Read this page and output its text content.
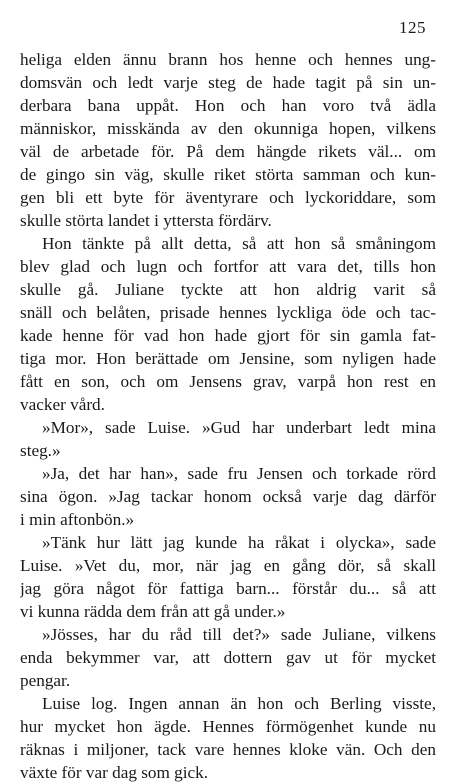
125
heliga elden ännu brann hos henne och hennes ung-
domsvän och ledt varje steg de hade tagit på sin un-
derbara bana uppåt. Hon och han voro två ädla
människor, misskända av den okunniga hopen, vilkens
väl de arbetade för. På dem hängde rikets väl... om
de gingo sin väg, skulle riket störta samman och kun-
gen bli ett byte för äventyrare och lyckoriddare, som
skulle störta landet i yttersta fördärv.
Hon tänkte på allt detta, så att hon så småningom
blev glad och lugn och fortfor att vara det, tills hon
skulle gå. Juliane tyckte att hon aldrig varit så
snäll och belåten, prisade hennes lyckliga öde och tac-
kade henne för vad hon hade gjort för sin gamla fat-
tiga mor. Hon berättade om Jensine, som nyligen hade
fått en son, och om Jensens grav, varpå hon rest en
vacker vård.
»Mor», sade Luise. »Gud har underbart ledt mina
steg.»
»Ja, det har han», sade fru Jensen och torkade rörd
sina ögon. »Jag tackar honom också varje dag därför
i min aftonbön.»
»Tänk hur lätt jag kunde ha råkat i olycka», sade
Luise. »Vet du, mor, när jag en gång dör, så skall
jag göra något för fattiga barn... förstår du... så att
vi kunna rädda dem från att gå under.»
»Jösses, har du råd till det?» sade Juliane, vilkens
enda bekymmer var, att dottern gav ut för mycket
pengar.
Luise log. Ingen annan än hon och Berling visste,
hur mycket hon ägde. Hennes förmögenhet kunde nu
räknas i miljoner, tack vare hennes kloke vän. Och den
växte för var dag som gick.
